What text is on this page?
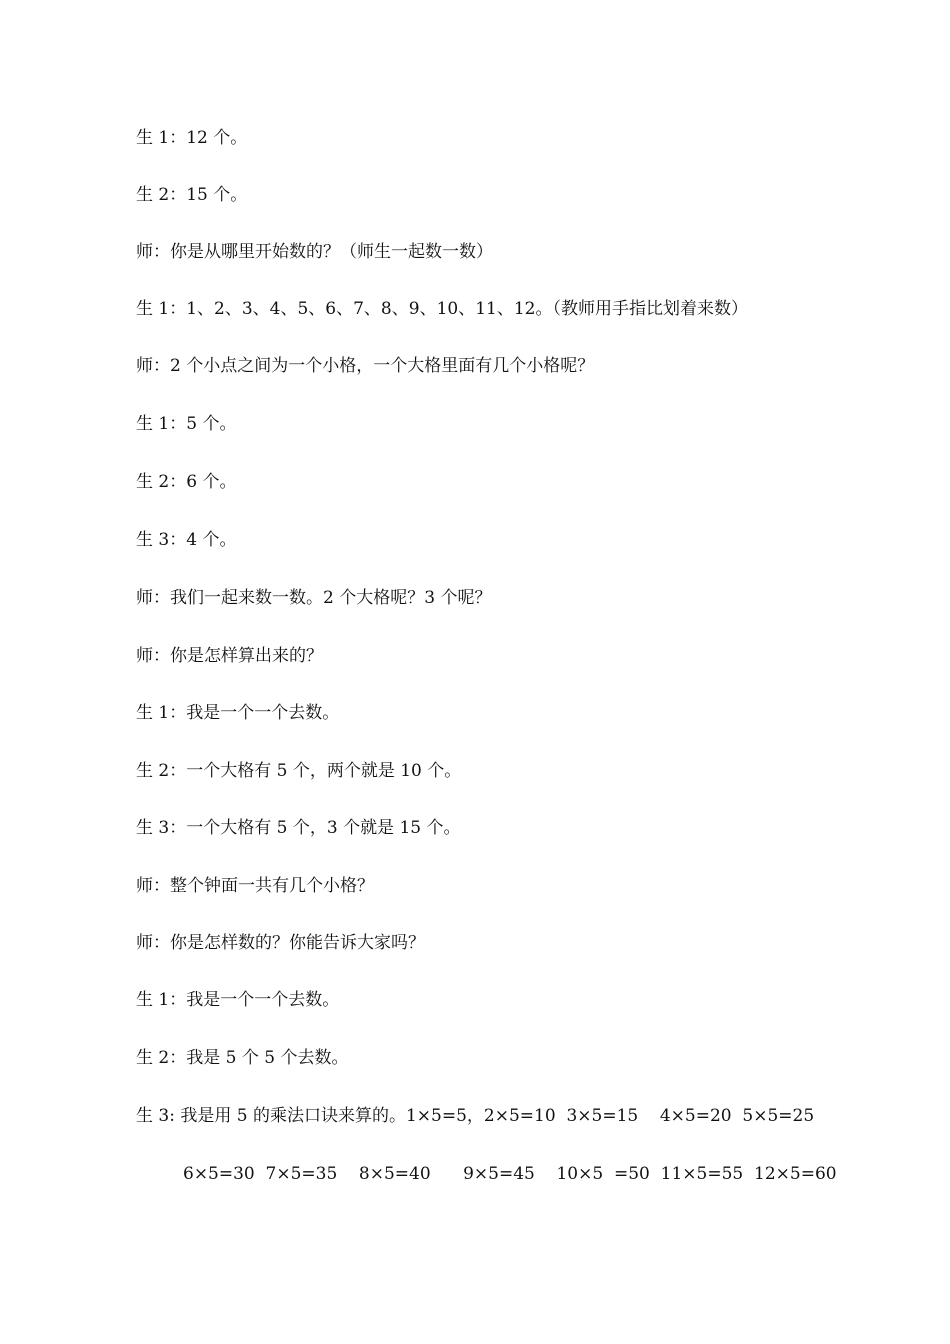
生 1：12 个。
生 2：15 个。
师：你是从哪里开始数的？（师生一起数一数）
生 1：1、2、3、4、5、6、7、8、9、10、11、12。（教师用手指比划着来数）
师：2 个小点之间为一个小格，一个大格里面有几个小格呢？
生 1：5 个。
生 2：6 个。
生 3：4 个。
师：我们一起来数一数。2 个大格呢？3 个呢？
师：你是怎样算出来的？
生 1：我是一个一个去数。
生 2：一个大格有 5 个，两个就是 10 个。
生 3：一个大格有 5 个，3 个就是 15 个。
师：整个钟面一共有几个小格？
师：你是怎样数的？你能告诉大家吗？
生 1：我是一个一个去数。
生 2：我是 5 个 5 个去数。
生 3: 我是用 5 的乘法口诀来算的。1×5=5，2×5=10  3×5=15    4×5=20  5×5=25
6×5=30  7×5=35    8×5=40      9×5=45    10×5  =50  11×5=55  12×5=60
